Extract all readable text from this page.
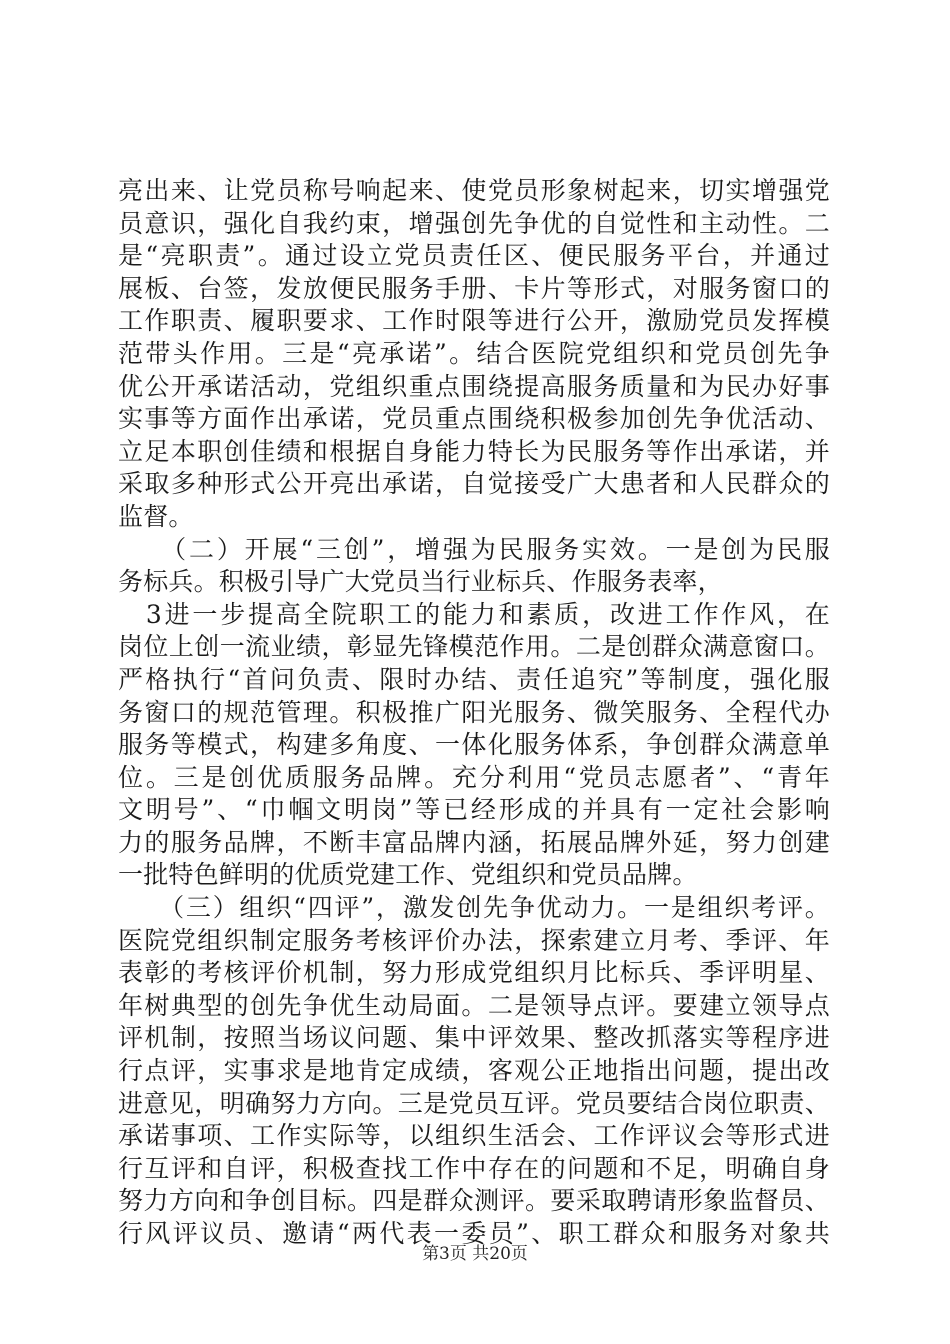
亮出来、让党员称号响起来、使党员形象树起来，切实增强党
员意识，强化自我约束，增强创先争优的自觉性和主动性。二
是“亮职责”。通过设立党员责任区、便民服务平台，并通过
展板、台签，发放便民服务手册、卡片等形式，对服务窗口的
工作职责、履职要求、工作时限等进行公开，激励党员发挥模
范带头作用。三是“亮承诺”。结合医院党组织和党员创先争
优公开承诺活动，党组织重点围绕提高服务质量和为民办好事
实事等方面作出承诺，党员重点围绕积极参加创先争优活动、
立足本职创佳绩和根据自身能力特长为民服务等作出承诺，并
采取多种形式公开亮出承诺，自觉接受广大患者和人民群众的
监督。
　　（二）开展“三创”，增强为民服务实效。一是创为民服
务标兵。积极引导广大党员当行业标兵、作服务表率，
　3进一步提高全院职工的能力和素质，改进工作作风，在
岗位上创一流业绩，彰显先锋模范作用。二是创群众满意窗口。
严格执行“首问负责、限时办结、责任追究”等制度，强化服
务窗口的规范管理。积极推广阳光服务、微笑服务、全程代办
服务等模式，构建多角度、一体化服务体系，争创群众满意单
位。三是创优质服务品牌。充分利用“党员志愿者”、“青年
文明号”、“巾帼文明岗”等已经形成的并具有一定社会影响
力的服务品牌，不断丰富品牌内涵，拓展品牌外延，努力创建
一批特色鲜明的优质党建工作、党组织和党员品牌。
　　（三）组织“四评”，激发创先争优动力。一是组织考评。
医院党组织制定服务考核评价办法，探索建立月考、季评、年
表彰的考核评价机制，努力形成党组织月比标兵、季评明星、
年树典型的创先争优生动局面。二是领导点评。要建立领导点
评机制，按照当场议问题、集中评效果、整改抓落实等程序进
行点评，实事求是地肯定成绩，客观公正地指出问题，提出改
进意见，明确努力方向。三是党员互评。党员要结合岗位职责、
承诺事项、工作实际等，以组织生活会、工作评议会等形式进
行互评和自评，积极查找工作中存在的问题和不足，明确自身
努力方向和争创目标。四是群众测评。要采取聘请形象监督员、
行风评议员、邀请“两代表一委员”、职工群众和服务对象共
第3页 共20页
